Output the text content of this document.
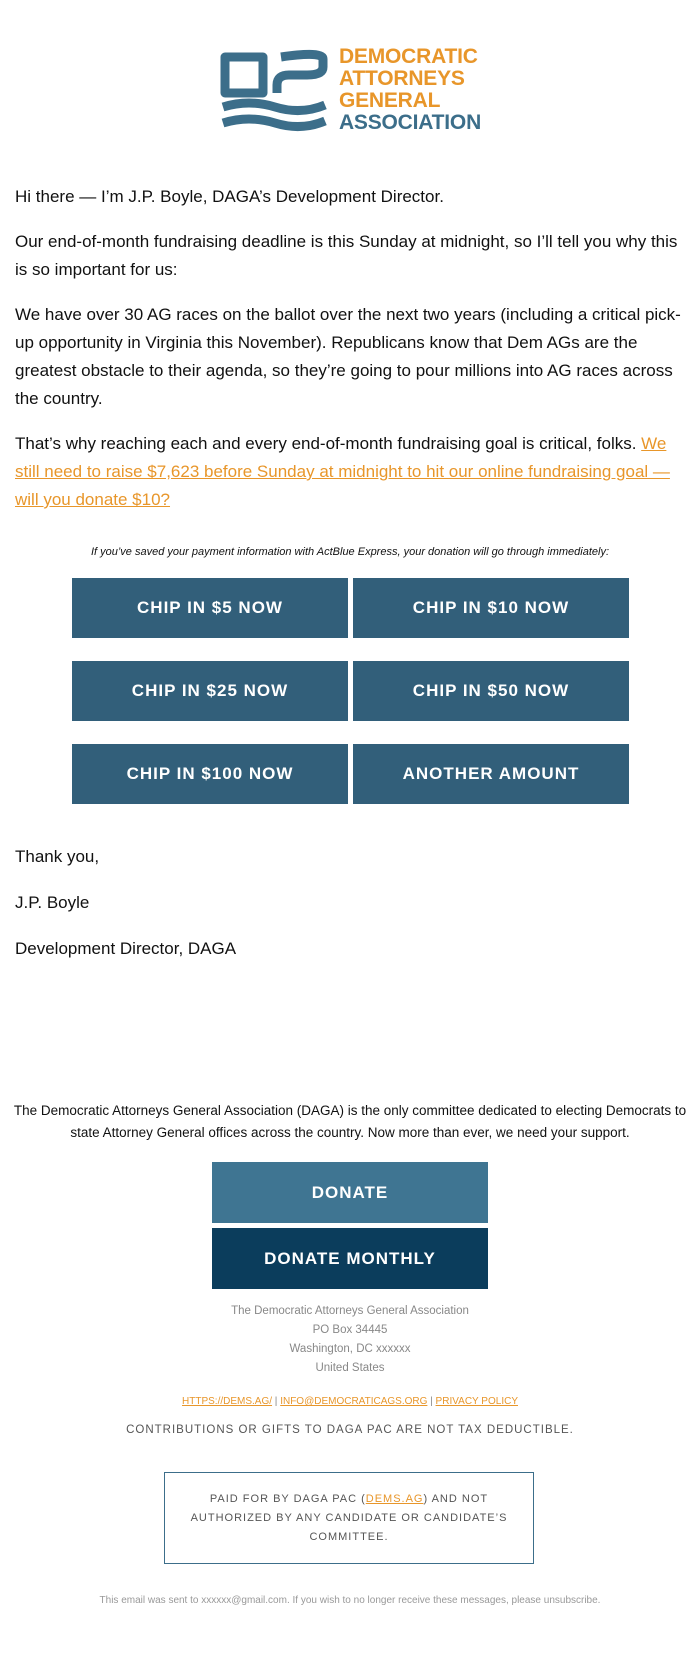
DEMOCRATIC
ATTORNEYS
GENERAL
ASSOCIATION

Hi there — I’m J.P. Boyle, DAGA’s Development Director.

Our end-of-month fundraising deadline is this Sunday at midnight, so I’ll tell you why this is so important for us:

We have over 30 AG races on the ballot over the next two years (including a critical pick-up opportunity in Virginia this November). Republicans know that Dem AGs are the greatest obstacle to their agenda, so they’re going to pour millions into AG races across the country.

That’s why reaching each and every end-of-month fundraising goal is critical, folks. We still need to raise $7,623 before Sunday at midnight to hit our online fundraising goal — will you donate $10?

If you’ve saved your payment information with ActBlue Express, your donation will go through immediately:

CHIP IN $5 NOW	CHIP IN $10 NOW
CHIP IN $25 NOW	CHIP IN $50 NOW
CHIP IN $100 NOW	ANOTHER AMOUNT

Thank you,

J.P. Boyle

Development Director, DAGA

The Democratic Attorneys General Association (DAGA) is the only committee dedicated to electing Democrats to state Attorney General offices across the country. Now more than ever, we need your support.
DONATE
DONATE MONTHLY
The Democratic Attorneys General Association
PO Box 34445
Washington, DC xxxxxx
United States
HTTPS://DEMS.AG/ | INFO@DEMOCRATICAGS.ORG | PRIVACY POLICY
CONTRIBUTIONS OR GIFTS TO DAGA PAC ARE NOT TAX DEDUCTIBLE.
PAID FOR BY DAGA PAC (DEMS.AG) AND NOT AUTHORIZED BY ANY CANDIDATE OR CANDIDATE’S COMMITTEE.
This email was sent to xxxxxx@gmail.com. If you wish to no longer receive these messages, please unsubscribe.
